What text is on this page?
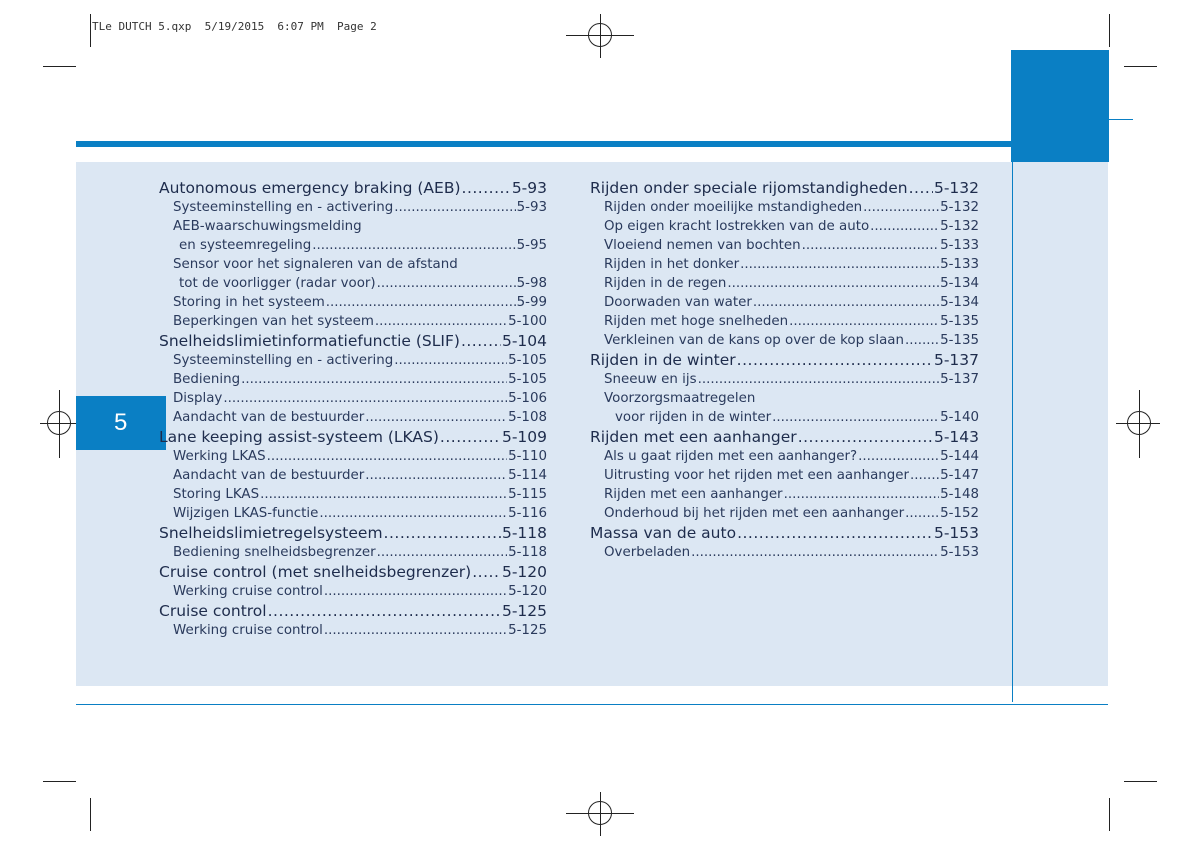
TLe DUTCH 5.qxp  5/19/2015  6:07 PM  Page 2
5
Autonomous emergency braking (AEB) .....	5-93
Systeeminstelling en - activering .....	5-93
AEB-waarschuwingsmelding
en systeemregeling .....	5-95
Sensor voor het signaleren van de afstand
tot de voorligger (radar voor) .....	5-98
Storing in het systeem .....	5-99
Beperkingen van het systeem .....	5-100
Snelheidslimietinformatiefunctie (SLIF) .....	5-104
Systeeminstelling en - activering .....	5-105
Bediening .....	5-105
Display .....	5-106
Aandacht van de bestuurder .....	5-108
Lane keeping assist-systeem (LKAS) .....	5-109
Werking LKAS .....	5-110
Aandacht van de bestuurder .....	5-114
Storing LKAS .....	5-115
Wijzigen LKAS-functie .....	5-116
Snelheidslimietregelsysteem .....	5-118
Bediening snelheidsbegrenzer .....	5-118
Cruise control (met snelheidsbegrenzer) ..... 5-120
Werking cruise control .....	5-120
Cruise control .....	5-125
Werking cruise control .....	5-125
Rijden onder speciale rijomstandigheden ..... 5-132
Rijden onder moeilijke mstandigheden .....	5-132
Op eigen kracht lostrekken van de auto .....	5-132
Vloeiend nemen van bochten .....	5-133
Rijden in het donker .....	5-133
Rijden in de regen .....	5-134
Doorwaden van water .....	5-134
Rijden met hoge snelheden .....	5-135
Verkleinen van de kans op over de kop slaan .....	5-135
Rijden in de winter .....	5-137
Sneeuw en ijs .....	5-137
Voorzorgsmaatregelen
voor rijden in de winter .....	5-140
Rijden met een aanhanger .....	5-143
Als u gaat rijden met een aanhanger? .....	5-144
Uitrusting voor het rijden met een aanhanger ..... 5-147
Rijden met een aanhanger .....	5-148
Onderhoud bij het rijden met een aanhanger .....	5-152
Massa van de auto .....	5-153
Overbeladen .....	5-153
